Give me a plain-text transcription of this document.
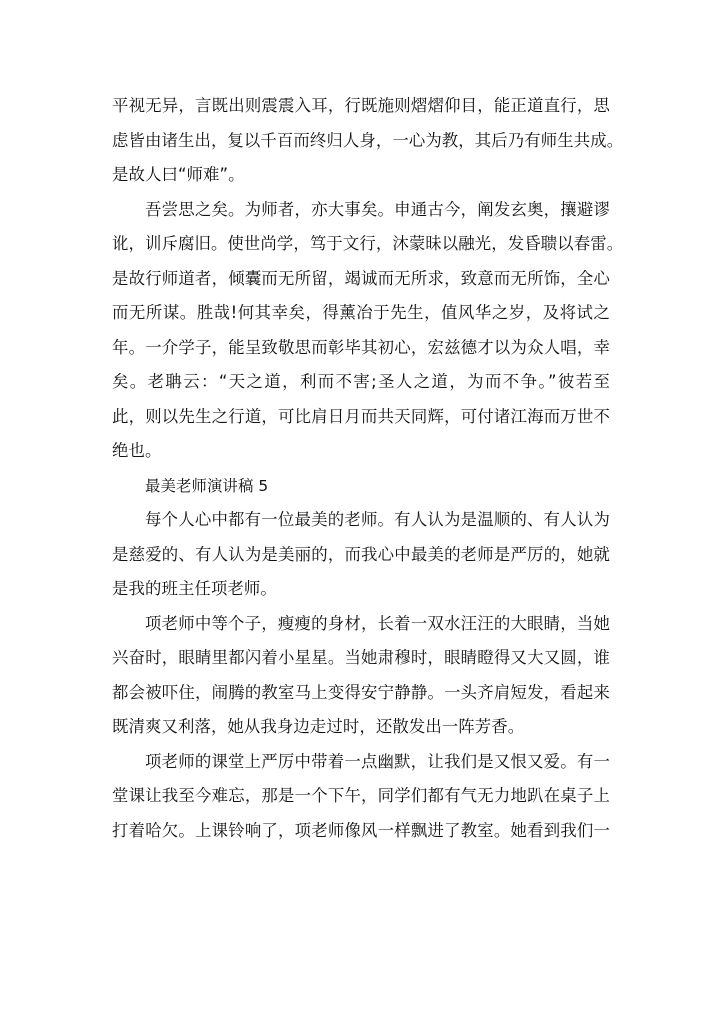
平视无异，言既出则震震入耳，行既施则熠熠仰目，能正道直行，思
虑皆由诸生出，复以千百而终归人身，一心为教，其后乃有师生共成。
是故人曰“师难”。
吾尝思之矣。为师者，亦大事矣。申通古今，阐发玄奥，攘避谬
讹，训斥腐旧。使世尚学，笃于文行，沐蒙昧以融光，发昏聩以春雷。
是故行师道者，倾囊而无所留，竭诚而无所求，致意而无所饰，全心
而无所谋。胜哉!何其幸矣，得薰冶于先生，值风华之岁，及将试之
年。一介学子，能呈致敬思而彰毕其初心，宏兹德才以为众人唱，幸
矣。老聃云：“天之道，利而不害;圣人之道，为而不争。”彼若至
此，则以先生之行道，可比肩日月而共天同辉，可付诸江海而万世不
绝也。
最美老师演讲稿 5
每个人心中都有一位最美的老师。有人认为是温顺的、有人认为
是慈爱的、有人认为是美丽的，而我心中最美的老师是严厉的，她就
是我的班主任项老师。
项老师中等个子，瘦瘦的身材，长着一双水汪汪的大眼睛，当她
兴奋时，眼睛里都闪着小星星。当她肃穆时，眼睛瞪得又大又圆，谁
都会被吓住，闹腾的教室马上变得安宁静静。一头齐肩短发，看起来
既清爽又利落，她从我身边走过时，还散发出一阵芳香。
项老师的课堂上严厉中带着一点幽默，让我们是又恨又爱。有一
堂课让我至今难忘，那是一个下午，同学们都有气无力地趴在桌子上
打着哈欠。上课铃响了，项老师像风一样飘进了教室。她看到我们一
